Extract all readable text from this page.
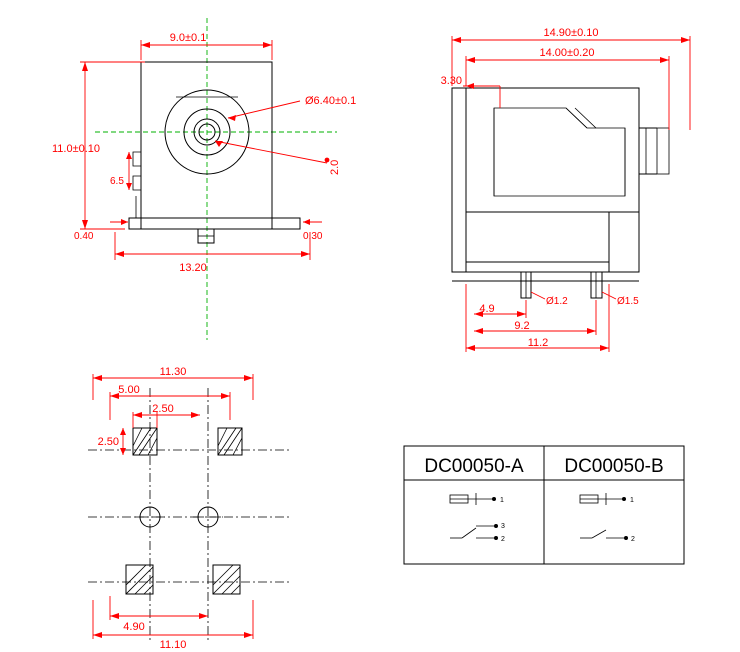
9.0±0.1
11.0±0.10
Ø6.40±0.1
2.0
6.5
0.40	0.30
13.20
14.90±0.10
14.00±0.20
3.30
Ø1.2	Ø1.5
4.9
9.2
11.2
11.30
5.00
2.50
2.50
4.90
11.10
DC00050-A DC00050-B
1
3
2
1
2
